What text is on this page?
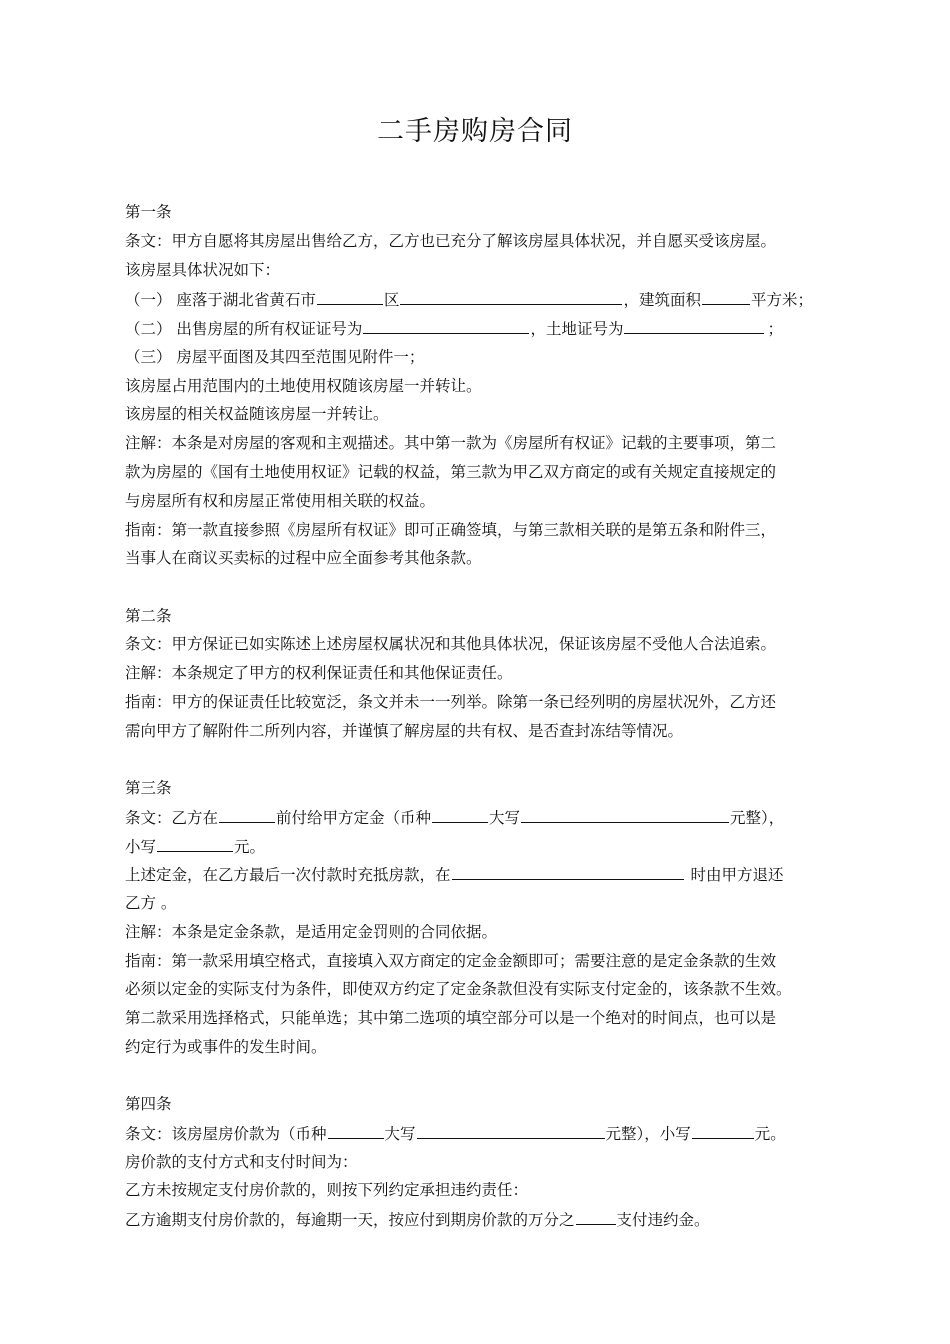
二手房购房合同
第一条
条文：甲方自愿将其房屋出售给乙方，乙方也已充分了解该房屋具体状况，并自愿买受该房屋。
该房屋具体状况如下：
（一） 座落于湖北省黄石市	区	，建筑面积	平方米；
（二） 出售房屋的所有权证证号为	，土地证号为	；
（三） 房屋平面图及其四至范围见附件一；
该房屋占用范围内的土地使用权随该房屋一并转让。
该房屋的相关权益随该房屋一并转让。
注解：本条是对房屋的客观和主观描述。其中第一款为《房屋所有权证》记载的主要事项，第二
款为房屋的《国有土地使用权证》记载的权益，第三款为甲乙双方商定的或有关规定直接规定的
与房屋所有权和房屋正常使用相关联的权益。
指南：第一款直接参照《房屋所有权证》即可正确签填，与第三款相关联的是第五条和附件三，
当事人在商议买卖标的过程中应全面参考其他条款。
第二条
条文：甲方保证已如实陈述上述房屋权属状况和其他具体状况，保证该房屋不受他人合法追索。
注解：本条规定了甲方的权利保证责任和其他保证责任。
指南：甲方的保证责任比较宽泛，条文并未一一列举。除第一条已经列明的房屋状况外，乙方还
需向甲方了解附件二所列内容，并谨慎了解房屋的共有权、是否查封冻结等情况。
第三条
条文：乙方在	前付给甲方定金（币种	大写	元整），
小写	元。
上述定金，在乙方最后一次付款时充抵房款，在	时由甲方退还
乙方 。
注解：本条是定金条款，是适用定金罚则的合同依据。
指南：第一款采用填空格式，直接填入双方商定的定金金额即可；需要注意的是定金条款的生效
必须以定金的实际支付为条件，即使双方约定了定金条款但没有实际支付定金的，该条款不生效。
第二款采用选择格式，只能单选；其中第二选项的填空部分可以是一个绝对的时间点，也可以是
约定行为或事件的发生时间。
第四条
条文：该房屋房价款为（币种	大写	元整），小写	元。
房价款的支付方式和支付时间为：
乙方未按规定支付房价款的，则按下列约定承担违约责任：
乙方逾期支付房价款的，每逾期一天，按应付到期房价款的万分之	支付违约金。
